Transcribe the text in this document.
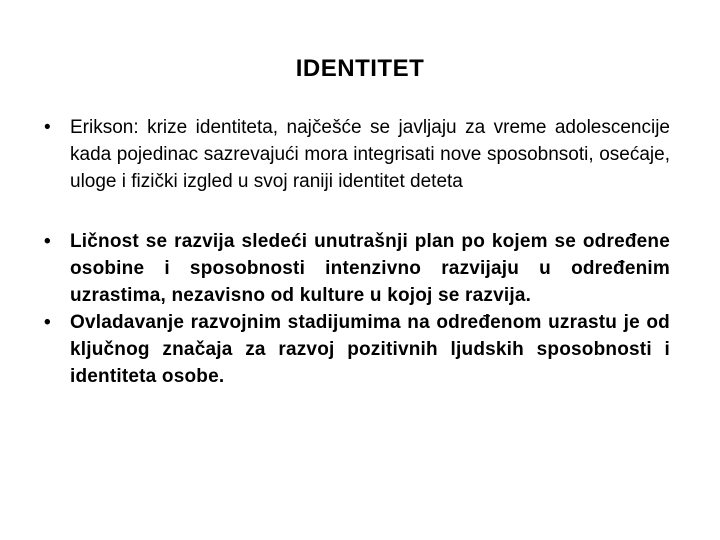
IDENTITET
• Erikson: krize identiteta, najčešće se javljaju za vreme adolescencije kada pojedinac sazrevajući mora integrisati nove sposobnsoti, osećaje, uloge i fizički izgled u svoj raniji identitet deteta
• Ličnost se razvija sledeći unutrašnji plan po kojem se određene osobine i sposobnosti intenzivno razvijaju u određenim uzrastima, nezavisno od kulture u kojoj se razvija.
• Ovladavanje razvojnim stadijumima na određenom uzrastu je od ključnog značaja za razvoj pozitivnih ljudskih sposobnosti i identiteta osobe.
